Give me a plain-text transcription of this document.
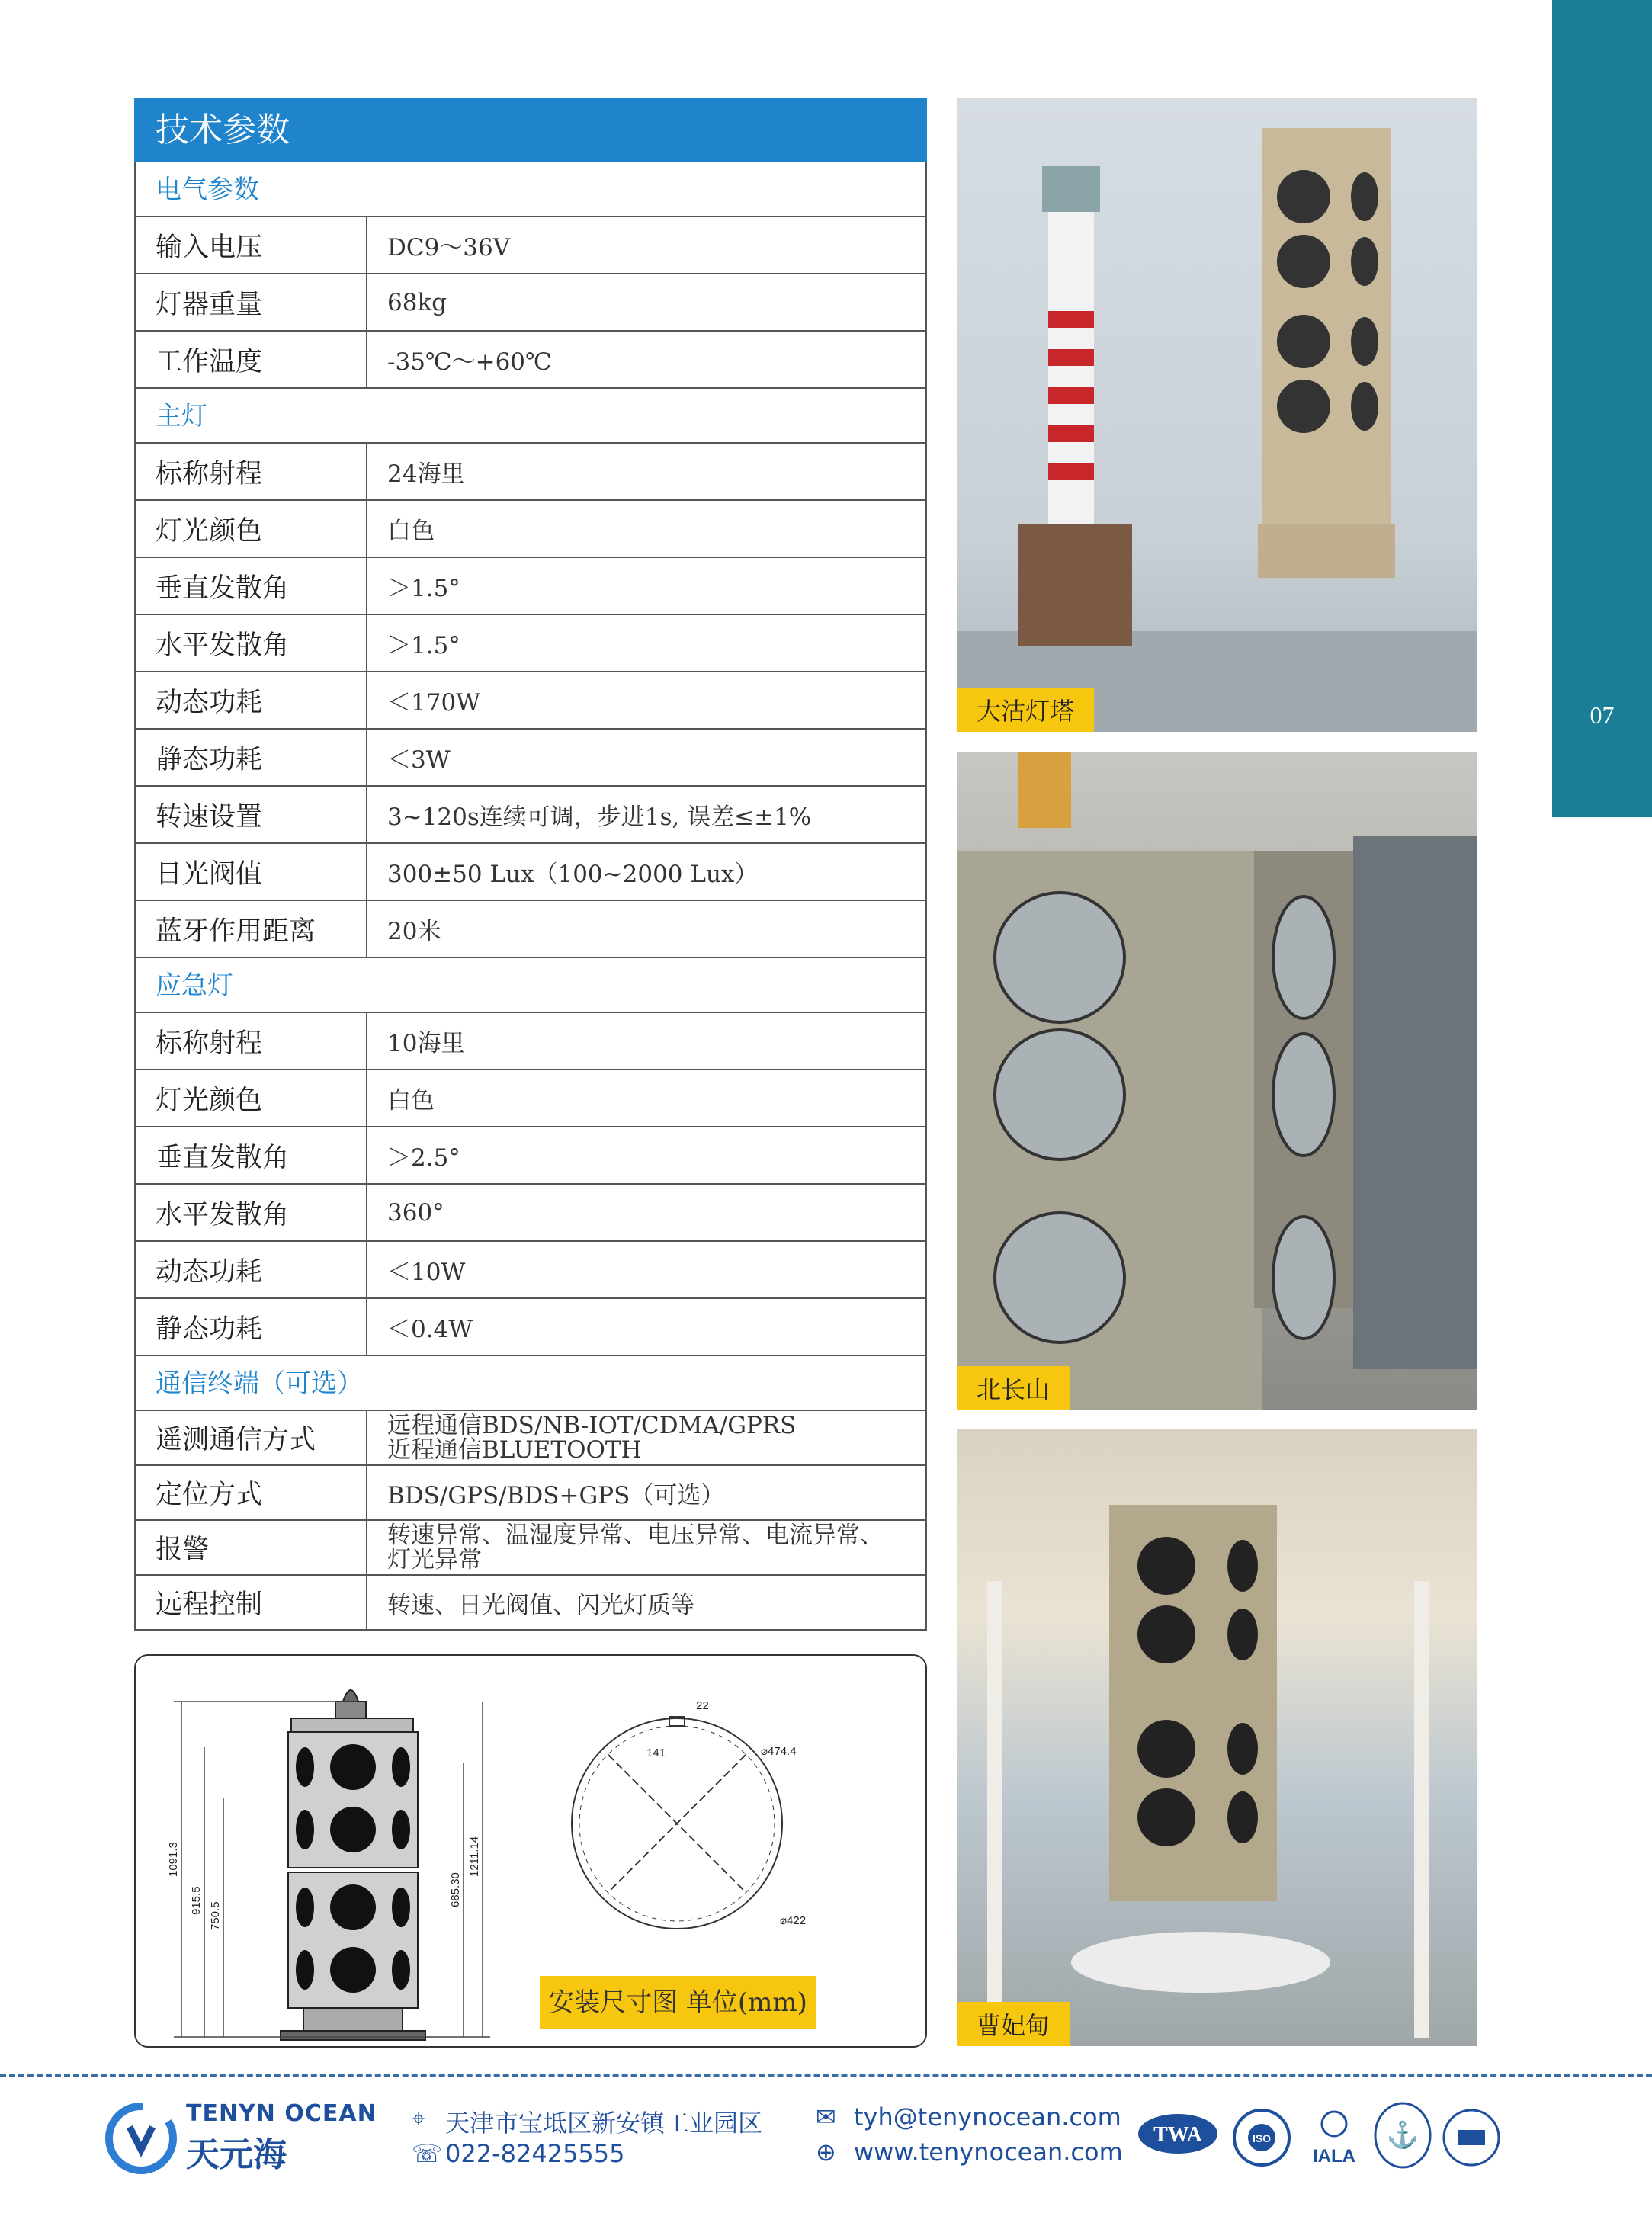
07
技术参数
电气参数
输入电压	DC9～36V
灯器重量	68kg
工作温度	-35℃～+60℃
主灯
标称射程	24海里
灯光颜色	白色
垂直发散角	＞1.5°
水平发散角	＞1.5°
动态功耗	＜170W
静态功耗	＜3W
转速设置	3~120s连续可调，步进1s, 误差≤±1%
日光阀值	300±50 Lux（100~2000 Lux）
蓝牙作用距离	20米
应急灯
标称射程	10海里
灯光颜色	白色
垂直发散角	＞2.5°
水平发散角	360°
动态功耗	＜10W
静态功耗	＜0.4W
通信终端（可选）
遥测通信方式	远程通信BDS/NB-IOT/CDMA/GPRS
近程通信BLUETOOTH
定位方式	BDS/GPS/BDS+GPS（可选）
报警	转速异常、温湿度异常、电压异常、电流异常、
灯光异常
远程控制	转速、日光阀值、闪光灯质等
1091.3
915.5
750.5
685.30
1211.14
22
141	⌀474.4
⌀422
安装尺寸图 单位(mm)
大沽灯塔
北长山
曹妃甸
TENYN OCEAN
天元海
⌖ 天津市宝坻区新安镇工业园区
☏ 022-82425555
✉ tyh@tenynocean.com
⊕ www.tenynocean.com
TWA	ISO
IALA
⚓
